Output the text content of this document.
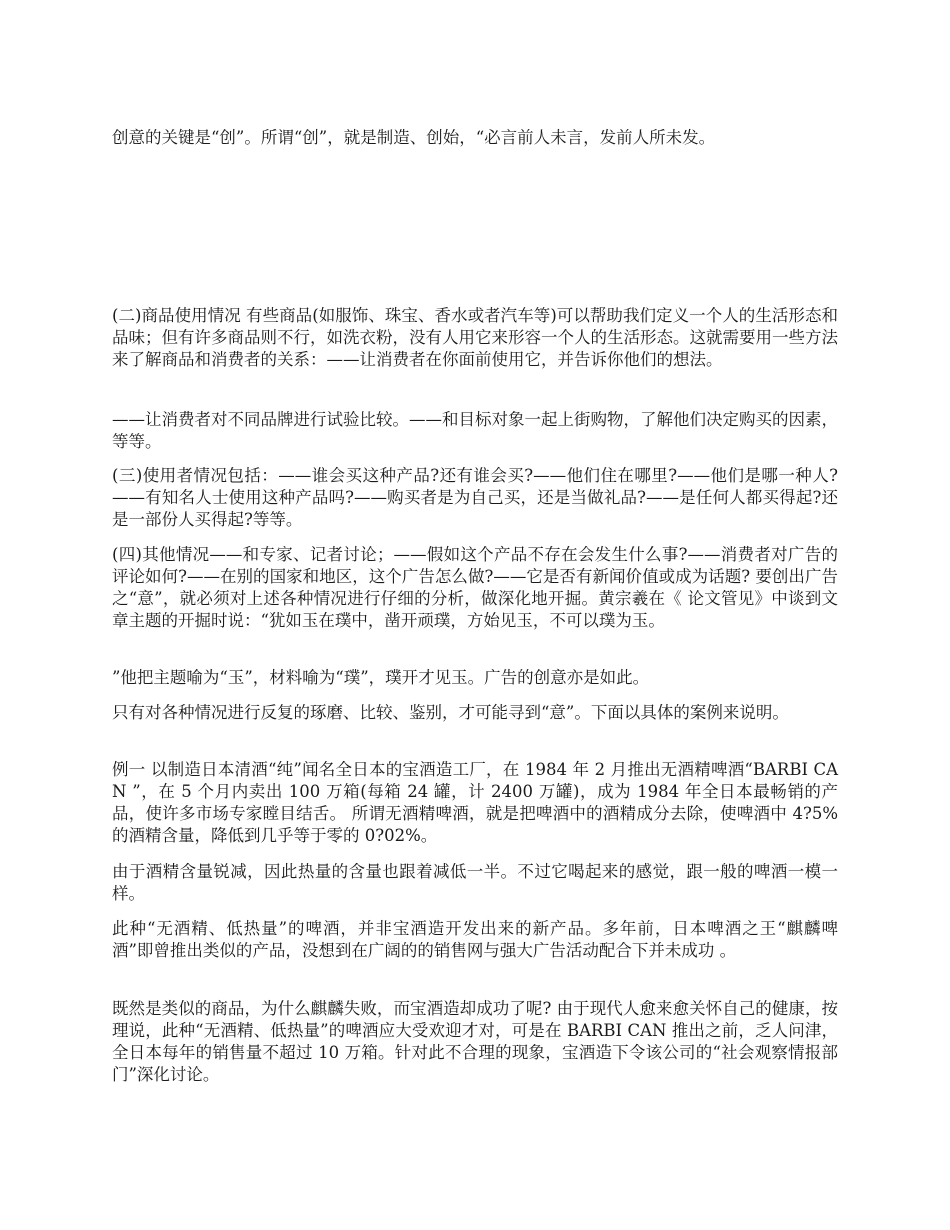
创意的关键是“创”。所谓“创”，就是制造、创始，“必言前人未言，发前人所未发。

(二)商品使用情况 有些商品(如服饰、珠宝、香水或者汽车等)可以帮助我们定义一个人的生活形态和品味；但有许多商品则不行，如洗衣粉，没有人用它来形容一个人的生活形态。这就需要用一些方法来了解商品和消费者的关系：——让消费者在你面前使用它，并告诉你他们的想法。

——让消费者对不同品牌进行试验比较。——和目标对象一起上街购物，了解他们决定购买的因素，等等。

(三)使用者情况包括：——谁会买这种产品?还有谁会买?——他们住在哪里?——他们是哪一种人?——有知名人士使用这种产品吗?——购买者是为自己买，还是当做礼品?——是任何人都买得起?还是一部份人买得起?等等。

(四)其他情况——和专家、记者讨论；——假如这个产品不存在会发生什么事?——消费者对广告的评论如何?——在别的国家和地区，这个广告怎么做?——它是否有新闻价值或成为话题? 要创出广告之“意”，就必须对上述各种情况进行仔细的分析，做深化地开掘。黄宗羲在《 论文管见》中谈到文章主题的开掘时说：“犹如玉在璞中，凿开顽璞，方始见玉，不可以璞为玉。

”他把主题喻为“玉”，材料喻为“璞”，璞开才见玉。广告的创意亦是如此。

只有对各种情况进行反复的琢磨、比较、鉴别，才可能寻到“意”。下面以具体的案例来说明。

例一 以制造日本清酒“纯”闻名全日本的宝酒造工厂，在 1984 年 2 月推出无酒精啤酒“BARBI CAN ”，在 5 个月内卖出 100 万箱(每箱 24 罐，计 2400 万罐)，成为 1984 年全日本最畅销的产品，使许多市场专家瞠目结舌。 所谓无酒精啤酒，就是把啤酒中的酒精成分去除，使啤酒中 4?5%的酒精含量，降低到几乎等于零的 0?02%。

由于酒精含量锐减，因此热量的含量也跟着减低一半。不过它喝起来的感觉，跟一般的啤酒一模一样。

此种“无酒精、低热量”的啤酒，并非宝酒造开发出来的新产品。多年前，日本啤酒之王“麒麟啤酒”即曾推出类似的产品，没想到在广阔的的销售网与强大广告活动配合下并未成功 。

既然是类似的商品，为什么麒麟失败，而宝酒造却成功了呢? 由于现代人愈来愈关怀自己的健康，按理说，此种“无酒精、低热量”的啤酒应大受欢迎才对，可是在 BARBI CAN 推出之前，乏人问津，全日本每年的销售量不超过 10 万箱。针对此不合理的现象，宝酒造下令该公司的“社会观察情报部门”深化讨论。
